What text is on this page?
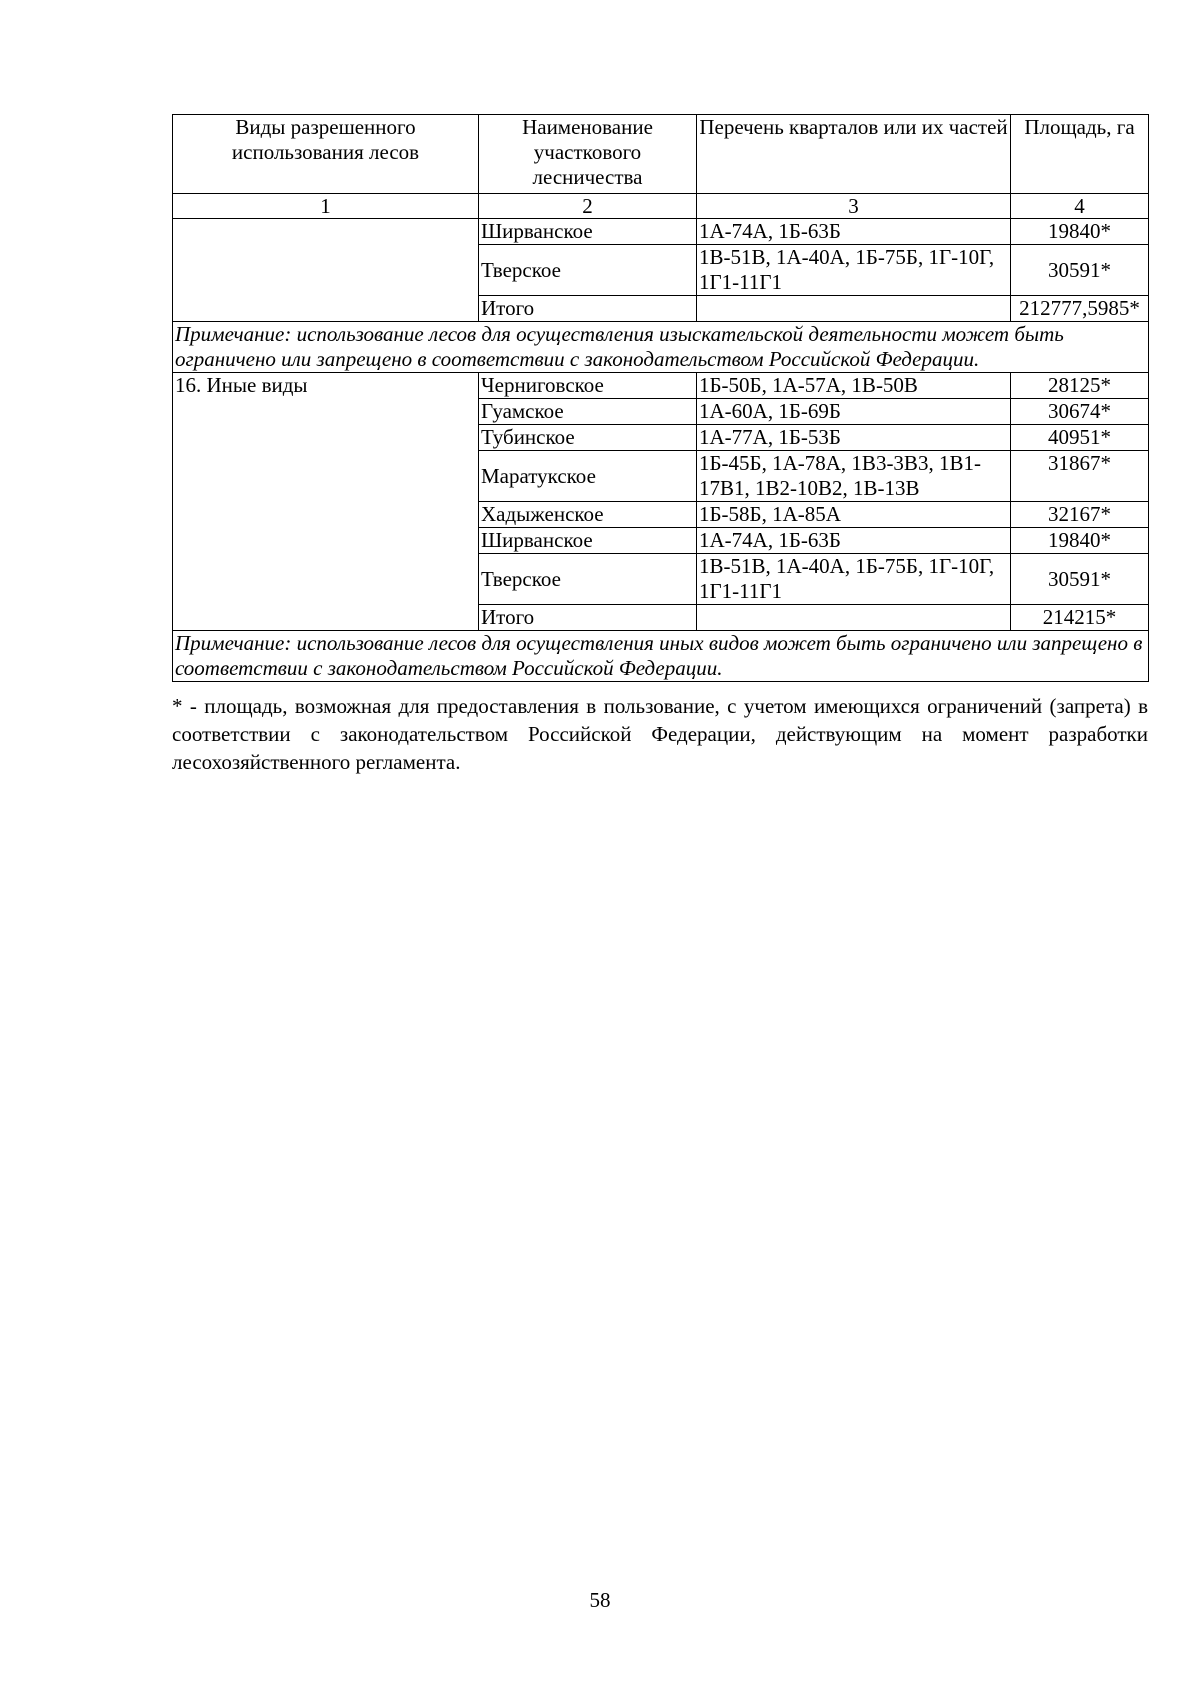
Виды разрешенного использования лесов	Наименование участкового лесничества	Перечень кварталов или их частей	Площадь, га
1	2	3	4
	Ширванское	1А-74А, 1Б-63Б	19840*
	Тверское	1В-51В, 1А-40А, 1Б-75Б, 1Г-10Г, 1Г1-11Г1	30591*
	Итого		212777,5985*
Примечание: использование лесов для осуществления изыскательской деятельности может быть ограничено или запрещено в соответствии с законодательством Российской Федерации.			
16. Иные виды	Черниговское	1Б-50Б, 1А-57А, 1В-50В	28125*
	Гуамское	1А-60А, 1Б-69Б	30674*
	Тубинское	1А-77А, 1Б-53Б	40951*
	Маратукское	1Б-45Б, 1А-78А, 1В3-3В3, 1В1-17В1, 1В2-10В2, 1В-13В	31867*
	Хадыженское	1Б-58Б, 1А-85А	32167*
	Ширванское	1А-74А, 1Б-63Б	19840*
	Тверское	1В-51В, 1А-40А, 1Б-75Б, 1Г-10Г, 1Г1-11Г1	30591*
	Итого		214215*
Примечание: использование лесов для осуществления иных видов может быть ограничено или запрещено в соответствии с законодательством Российской Федерации.			

* - площадь, возможная для предоставления в пользование, с учетом имеющихся ограничений (запрета) в соответствии с законодательством Российской Федерации, действующим на момент разработки лесохозяйственного регламента.

58
